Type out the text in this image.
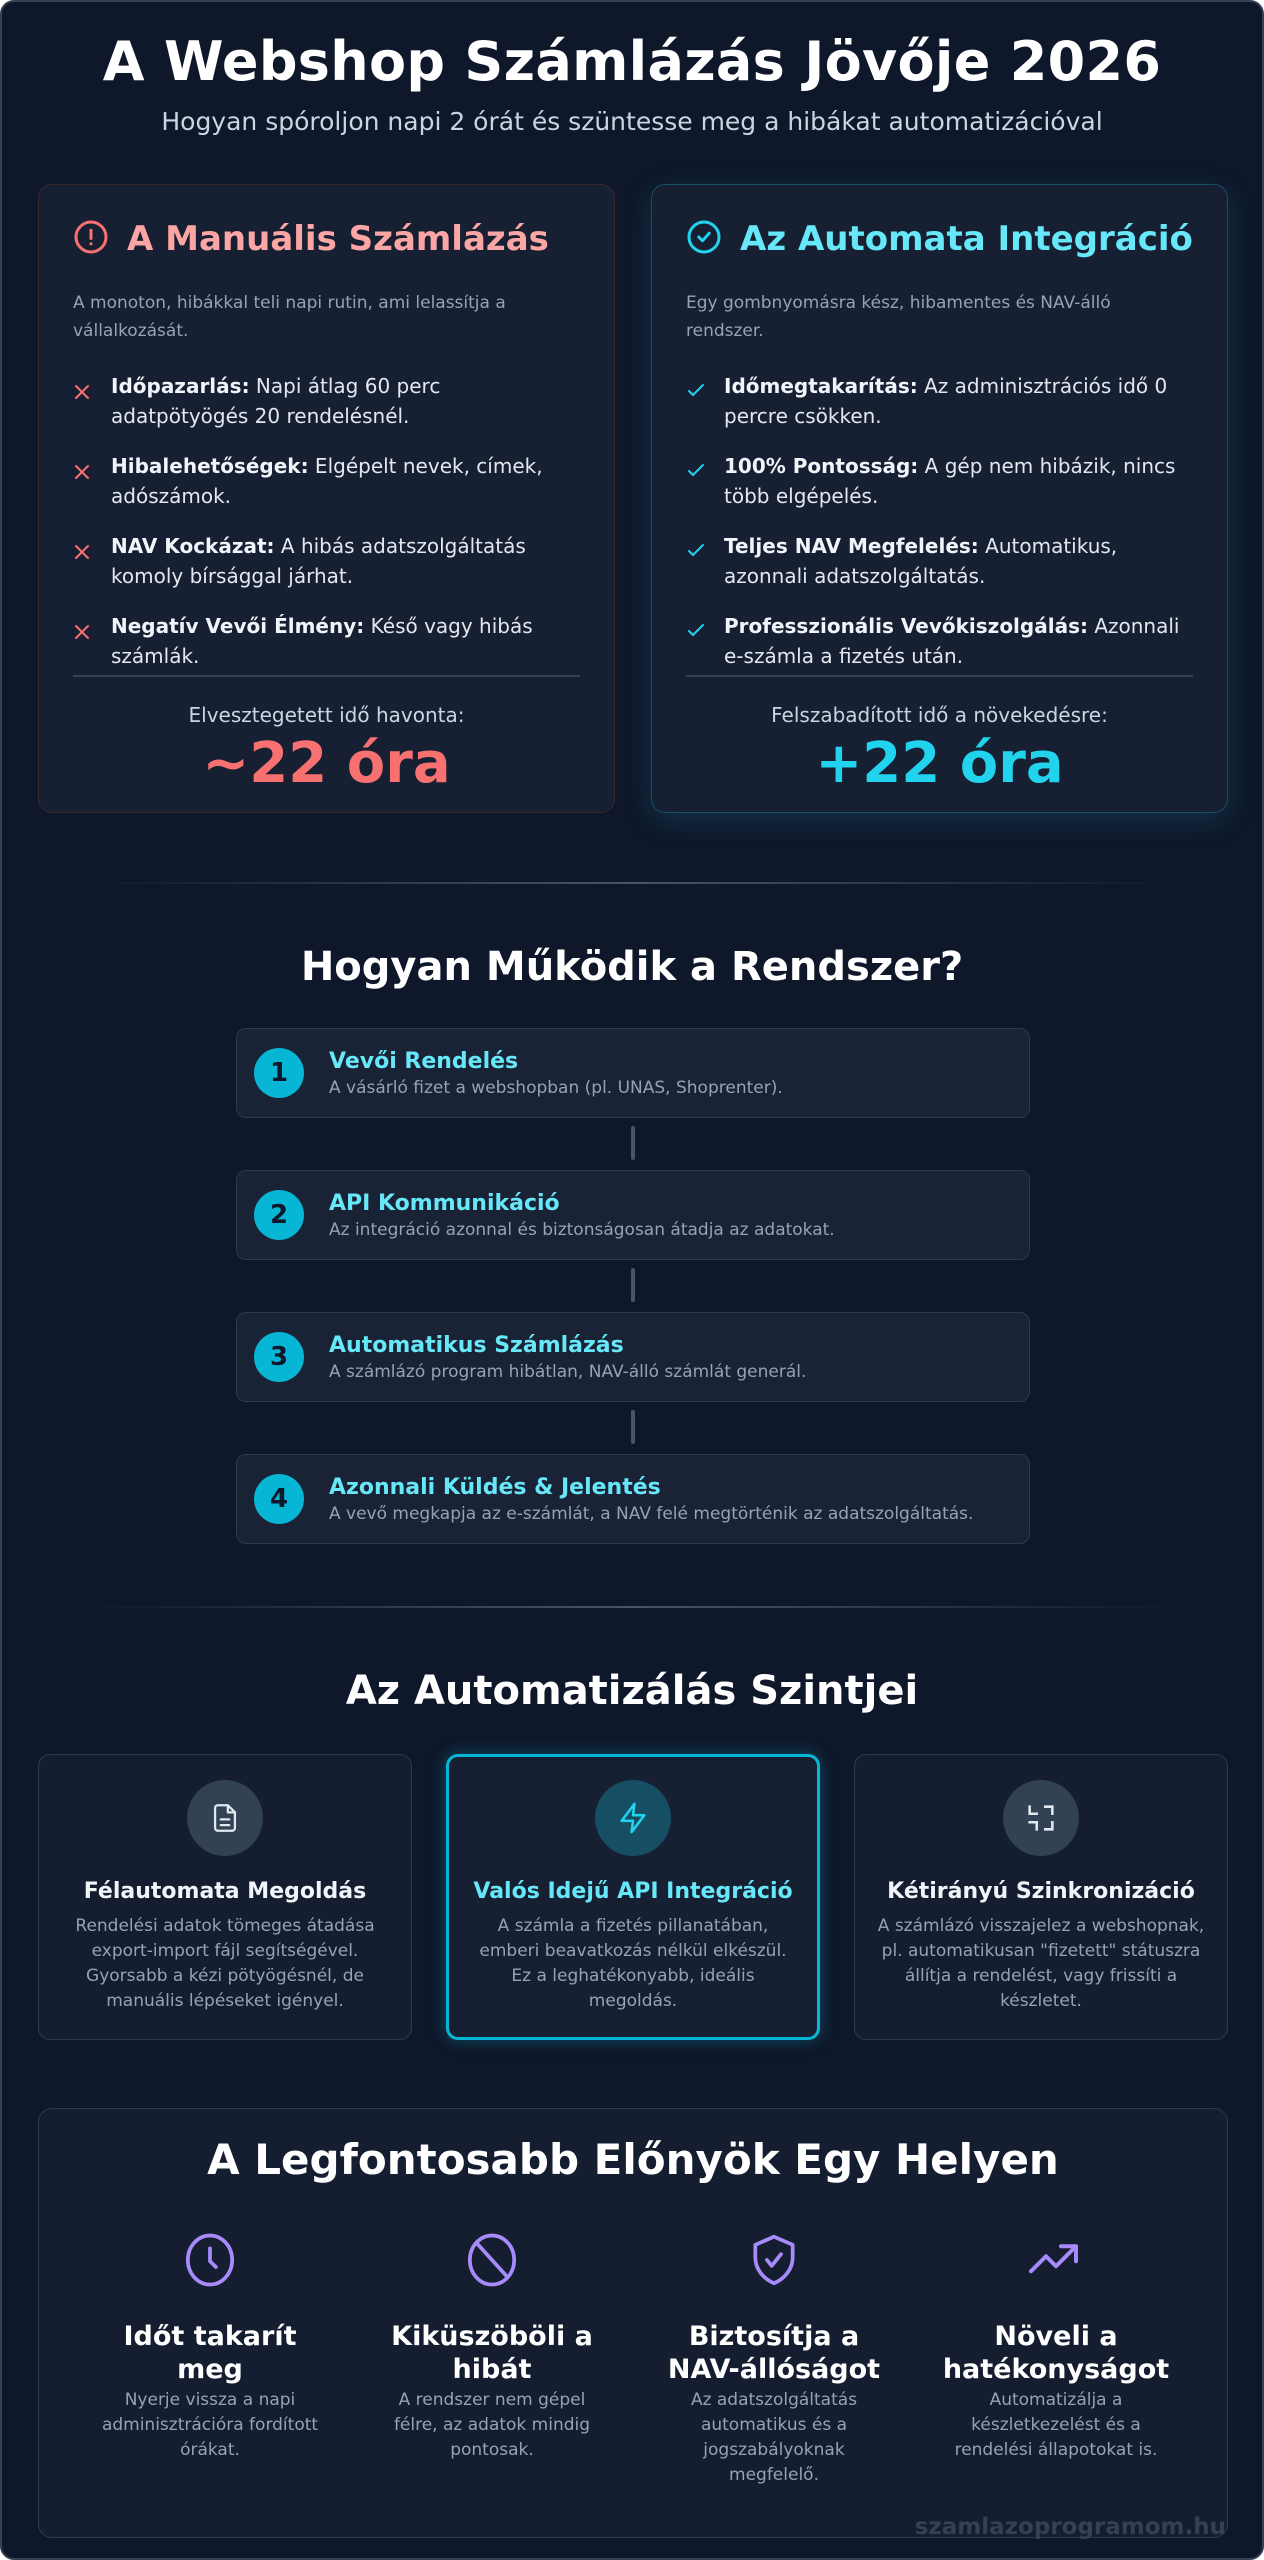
A Webshop Számlázás Jövője 2026
Hogyan spóroljon napi 2 órát és szüntesse meg a hibákat automatizációval
A Manuális Számlázás
A monoton, hibákkal teli napi rutin, ami lelassítja a vállalkozását.
Időpazarlás: Napi átlag 60 perc adatpötyögés 20 rendelésnél.
Hibalehetőségek: Elgépelt nevek, címek, adószámok.
NAV Kockázat: A hibás adatszolgáltatás komoly bírsággal járhat.
Negatív Vevői Élmény: Késő vagy hibás számlák.
Elvesztegetett idő havonta:
~22 óra
Az Automata Integráció
Egy gombnyomásra kész, hibamentes és NAV-álló rendszer.
Időmegtakarítás: Az adminisztrációs idő 0 percre csökken.
100% Pontosság: A gép nem hibázik, nincs több elgépelés.
Teljes NAV Megfelelés: Automatikus, azonnali adatszolgáltatás.
Professzionális Vevőkiszolgálás: Azonnali e-számla a fizetés után.
Felszabadított idő a növekedésre:
+22 óra
Hogyan Működik a Rendszer?
1	Vevői Rendelés
A vásárló fizet a webshopban (pl. UNAS, Shoprenter).
2	API Kommunikáció
Az integráció azonnal és biztonságosan átadja az adatokat.
3	Automatikus Számlázás
A számlázó program hibátlan, NAV-álló számlát generál.
4	Azonnali Küldés & Jelentés
A vevő megkapja az e-számlát, a NAV felé megtörténik az adatszolgáltatás.
Az Automatizálás Szintjei
Félautomata Megoldás
Rendelési adatok tömeges átadása export-import fájl segítségével. Gyorsabb a kézi pötyögésnél, de manuális lépéseket igényel.
Valós Idejű API Integráció
A számla a fizetés pillanatában, emberi beavatkozás nélkül elkészül. Ez a leghatékonyabb, ideális megoldás.
Kétirányú Szinkronizáció
A számlázó visszajelez a webshopnak, pl. automatikusan "fizetett" státuszra állítja a rendelést, vagy frissíti a készletet.
A Legfontosabb Előnyök Egy Helyen
Időt takarít meg
Nyerje vissza a napi adminisztrációra fordított órákat.
Kiküszöböli a hibát
A rendszer nem gépel félre, az adatok mindig pontosak.
Biztosítja a NAV-állóságot
Az adatszolgáltatás automatikus és a jogszabályoknak megfelelő.
Növeli a hatékonyságot
Automatizálja a készletkezelést és a rendelési állapotokat is.
szamlazoprogramom.hu
